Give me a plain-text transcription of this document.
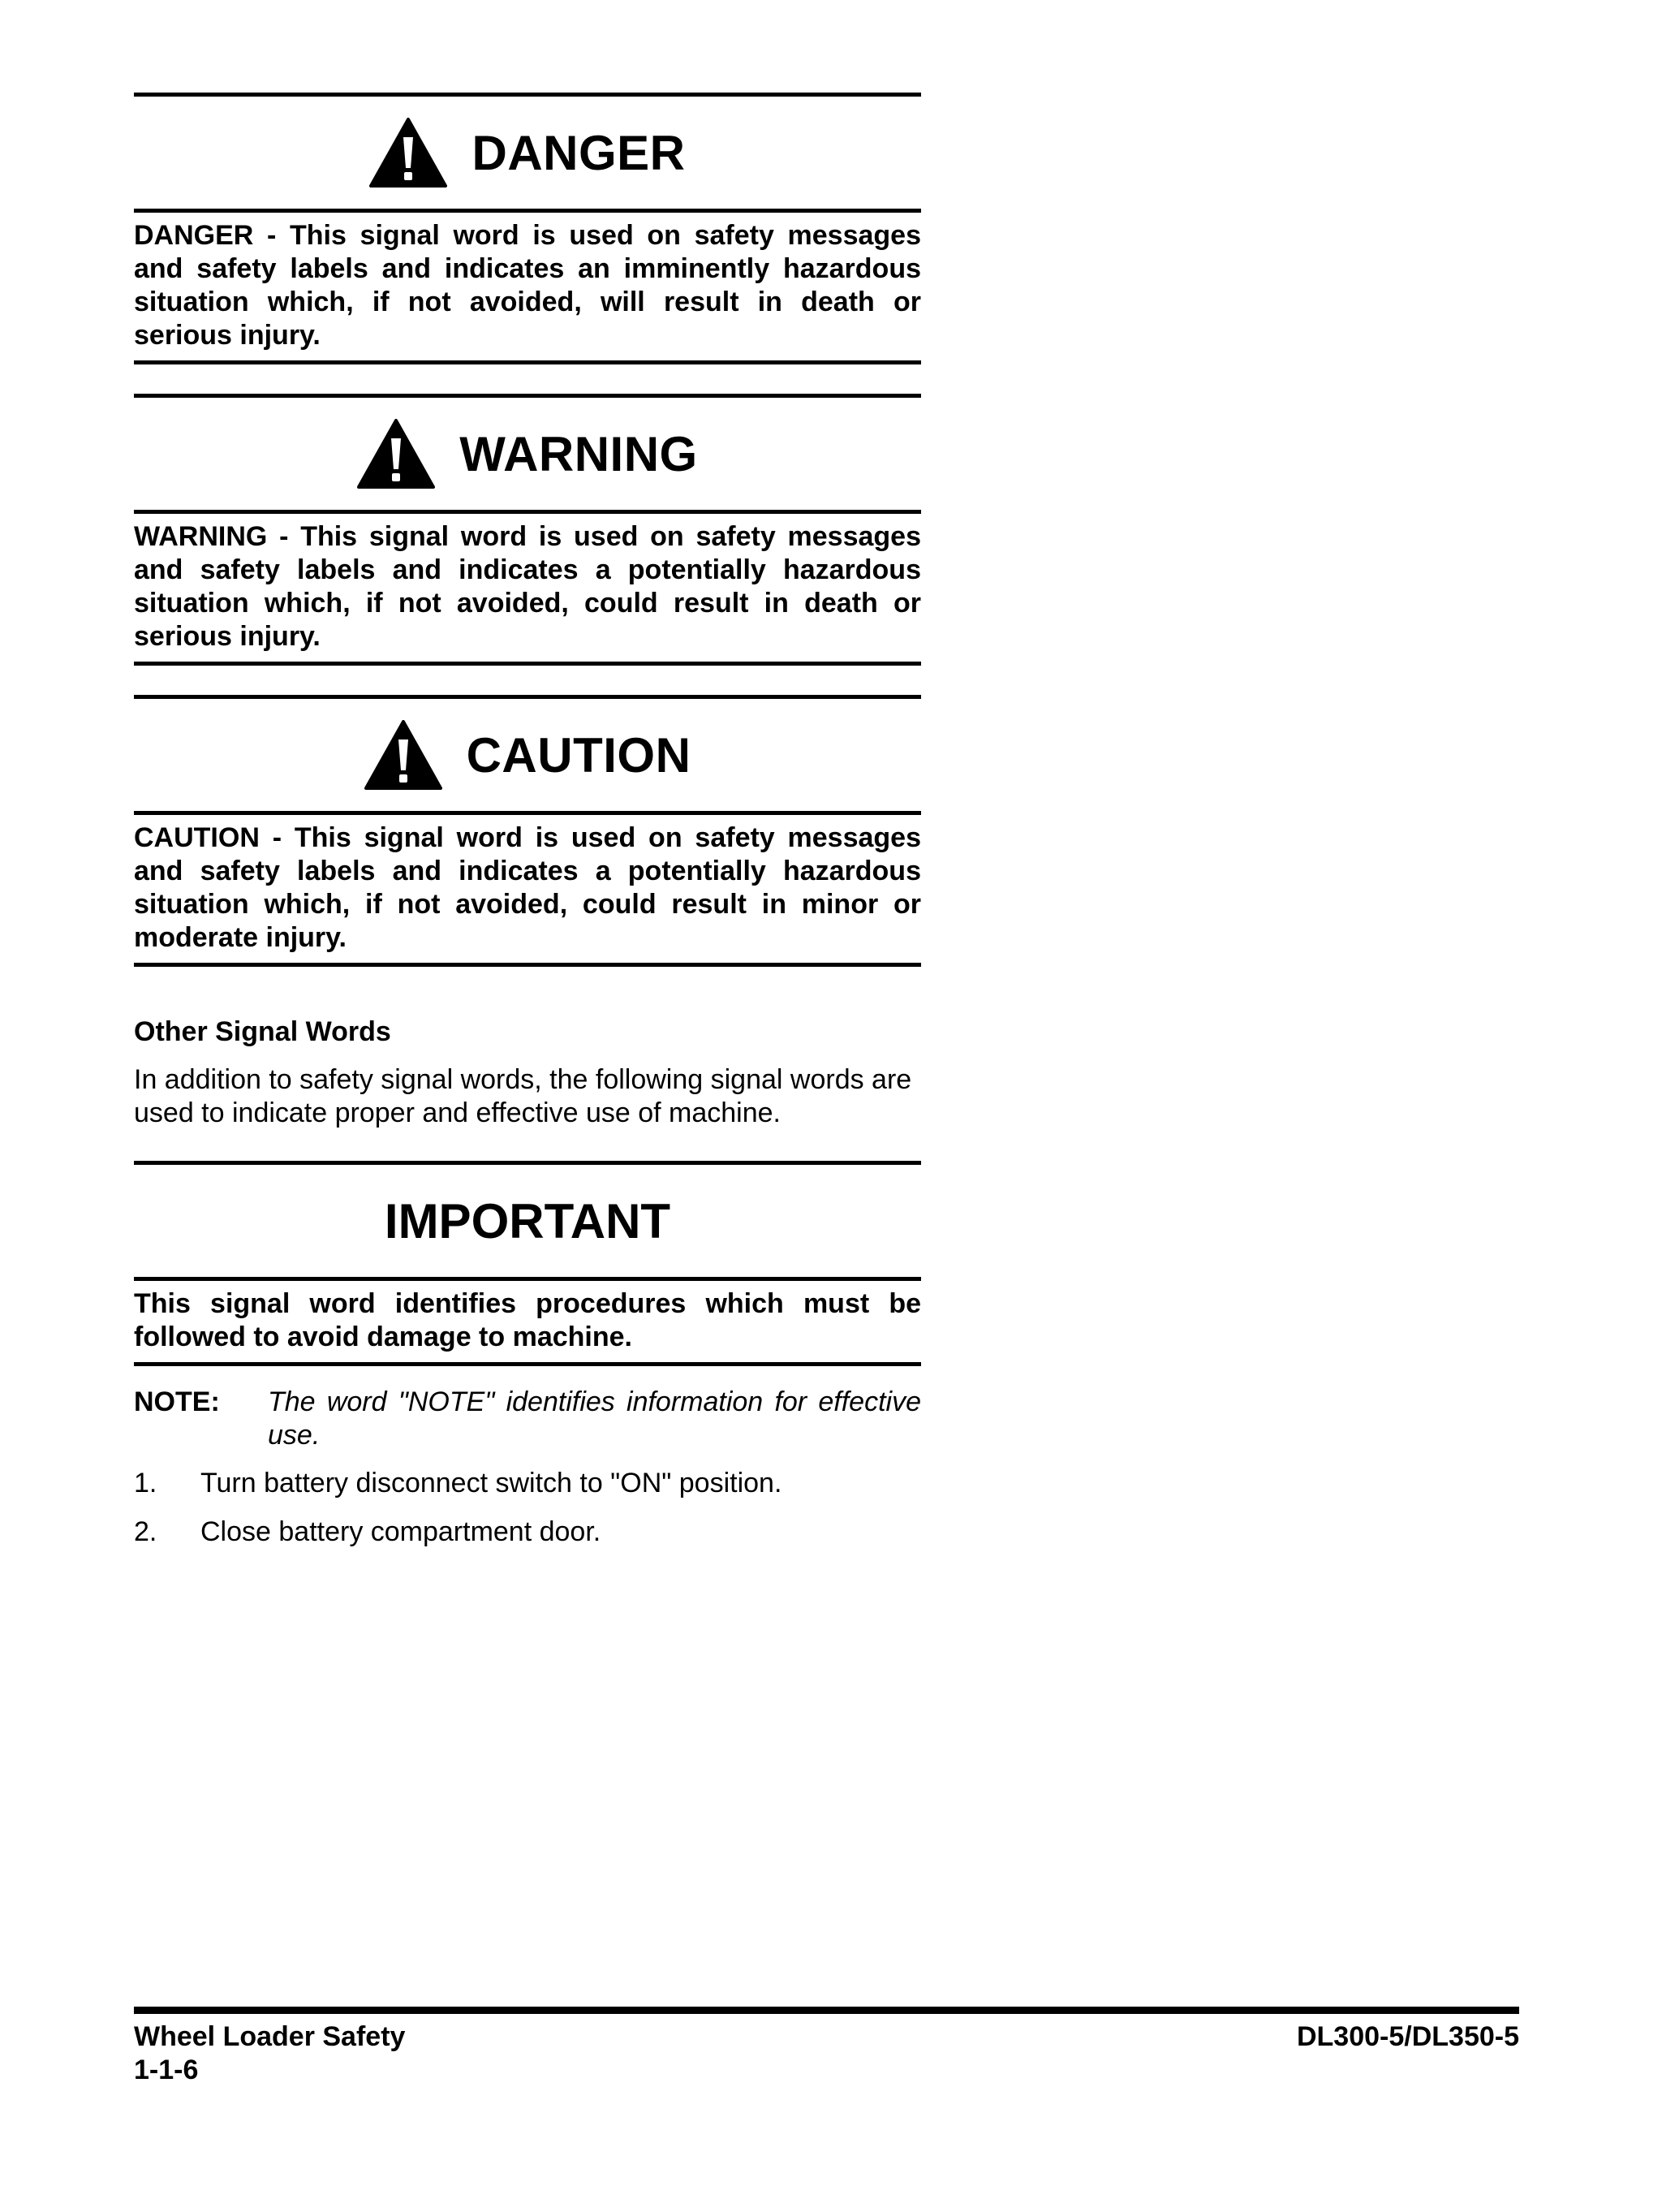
DANGER
DANGER - This signal word is used on safety messages and safety labels and indicates an imminently hazardous situation which, if not avoided, will result in death or serious injury.
WARNING
WARNING - This signal word is used on safety messages and safety labels and indicates a potentially hazardous situation which, if not avoided, could result in death or serious injury.
CAUTION
CAUTION - This signal word is used on safety messages and safety labels and indicates a potentially hazardous situation which, if not avoided, could result in minor or moderate injury.
Other Signal Words
In addition to safety signal words, the following signal words are used to indicate proper and effective use of machine.
IMPORTANT
This signal word identifies procedures which must be followed to avoid damage to machine.
NOTE:	The word "NOTE" identifies information for effective use.
1.	Turn battery disconnect switch to "ON" position.
2.	Close battery compartment door.
Wheel Loader Safety	DL300-5/DL350-5
1-1-6
